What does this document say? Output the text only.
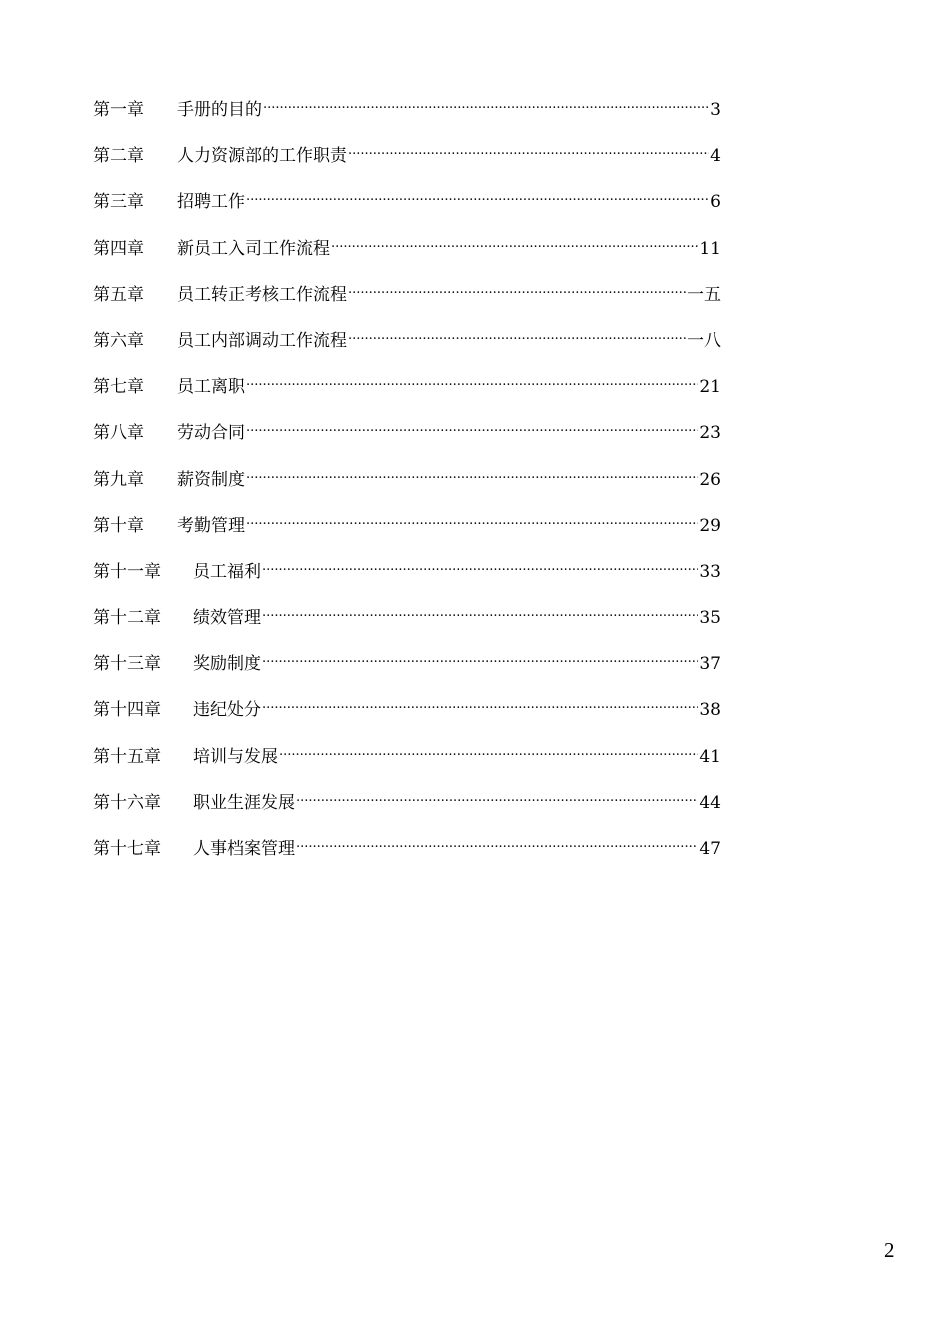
第一章	手册的目的 .....	3
第二章	人力资源部的工作职责 .....	4
第三章	招聘工作 .....	6
第四章	新员工入司工作流程 .....	11
第五章	员工转正考核工作流程 .....	一五
第六章	员工内部调动工作流程 .....	一八
第七章	员工离职 .....	21
第八章	劳动合同 .....	23
第九章	薪资制度 .....	26
第十章	考勤管理 .....	29
第十一章	员工福利 .....	33
第十二章	绩效管理 .....	35
第十三章	奖励制度 .....	37
第十四章	违纪处分 .....	38
第十五章	培训与发展 .....	41
第十六章	职业生涯发展 .....	44
第十七章	人事档案管理 .....	47
2
